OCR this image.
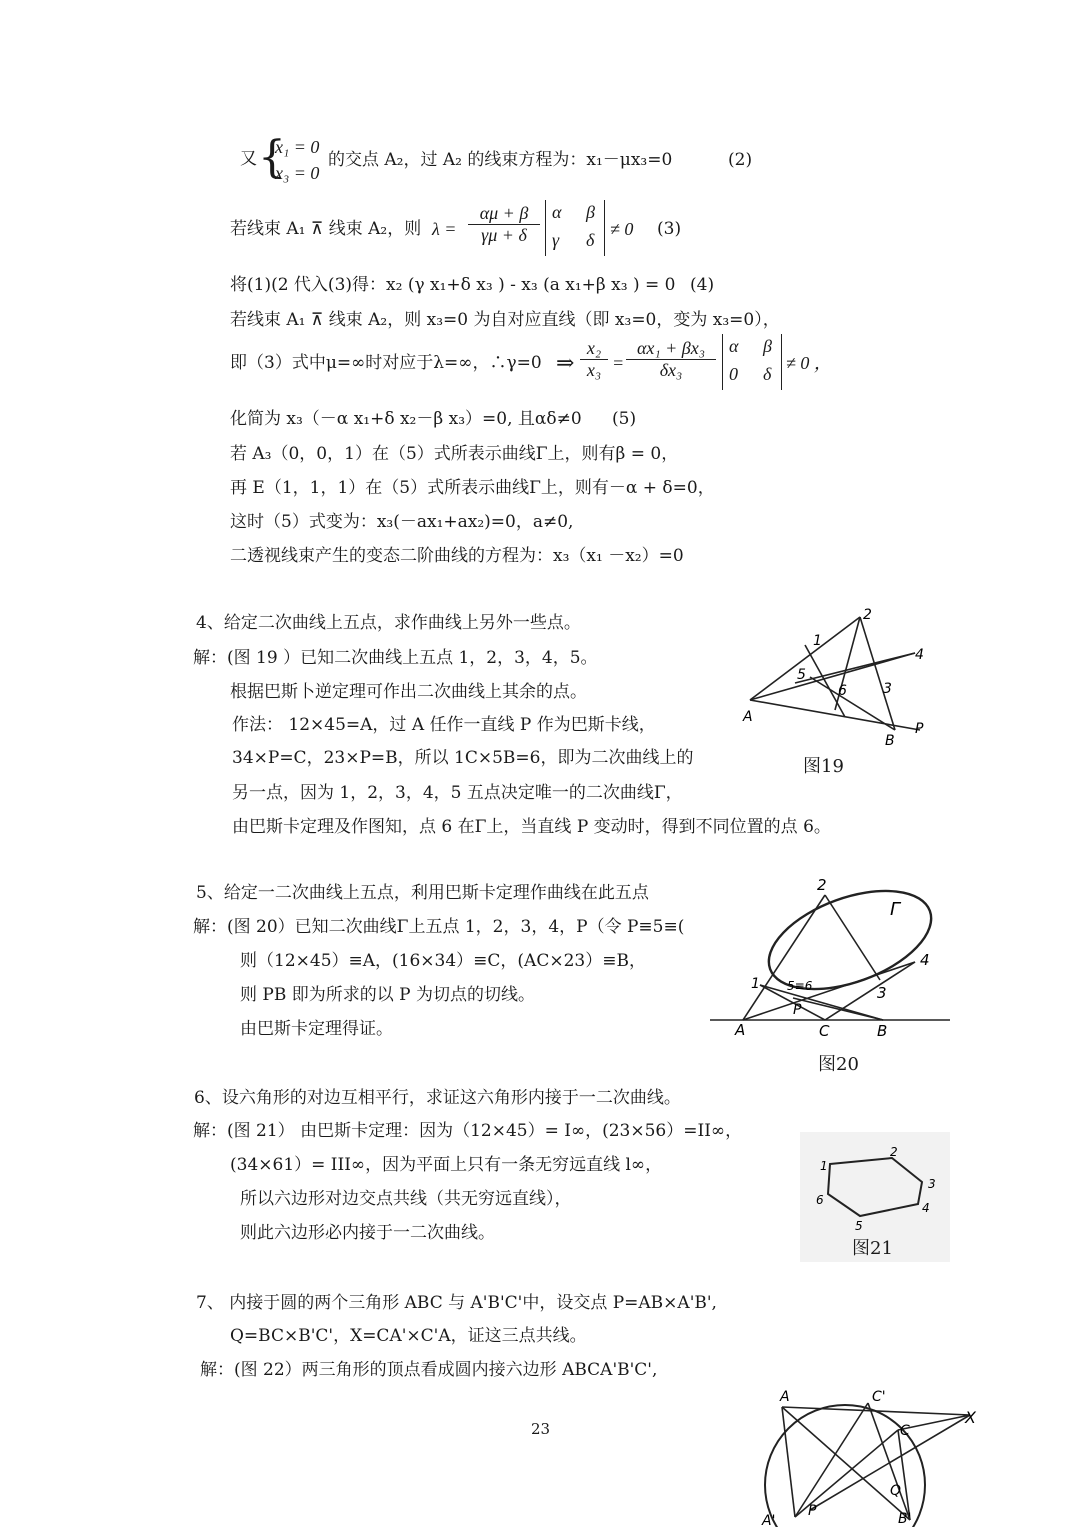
又 {
x₁ = 0
x₃ = 0
的交点 A₂，过 A₂ 的线束方程为：x₁－μx₃=0	(2)
若线束 A₁ ⊼ 线束 A₂，则 $\lambda = \frac{\alpha\mu + \beta}{\gamma\mu + \delta}$ α β
γ δ
≠ 0 (3)
将(1)(2 代入(3)得：x₂ (γ x₁+δ x₃ ) - x₃ (a x₁+β x₃ ) = 0 (4)
若线束 A₁ ⊼ 线束 A₂，则 x₃=0 为自对应直线（即 x₃=0，变为 x₃=0），
即（3）式中μ=∞时对应于λ=∞，∴γ=0 ⇒ $\frac{\text{x₂}}{\text{x₃}} = \frac{\text{αx₁ + βx₃}}{\text{δx₃}}$ α β
0 δ
≠ 0 ，
化简为 x₃（－α x₁+δ x₂－β x₃）=0, 且αδ≠0 (5)
若 A₃（0，0，1）在（5）式所表示曲线Γ上，则有β = 0，
再 E（1，1，1）在（5）式所表示曲线Γ上，则有－α + δ=0，
这时（5）式变为：x₃(－ax₁+ax₂)=0，a≠0,
二透视线束产生的变态二阶曲线的方程为：x₃（x₁ －x₂）=0
4、给定二次曲线上五点，求作曲线上另外一些点。
解：(图 19 ）已知二次曲线上五点 1，2，3，4，5。
根据巴斯卜逆定理可作出二次曲线上其余的点。
作法： 12×45=A，过 A 任作一直线 P 作为巴斯卡线，
34×P=C，23×P=B，所以 1C×5B=6，即为二次曲线上的
另一点，因为 1，2，3，4，5 五点决定唯一的二次曲线Γ，
由巴斯卡定理及作图知，点 6 在Γ上，当直线 P 变动时，得到不同位置的点 6。
A
B
P
1
2
3
4
5
6
图19
5、给定一二次曲线上五点，利用巴斯卡定理作曲线在此五点
解：(图 20）已知二次曲线Γ上五点 1，2，3，4，P（令 P≡5≡(
则（12×45）≡A，(16×34）≡C，(AC×23）≡B，
则 PB 即为所求的以 P 为切点的切线。
由巴斯卡定理得证。
2
Γ
4
1 5≡6	3
P
A	C	B
图20
6、设六角形的对边互相平行，求证这六角形内接于一二次曲线。
解：(图 21） 由巴斯卡定理：因为（12×45）= I∞，(23×56）=II∞，
(34×61）= III∞，因为平面上只有一条无穷远直线 l∞，
所以六边形对边交点共线（共无穷远直线），
则此六边形必内接于一二次曲线。
1
2
3
4
5
6
图21
7、 内接于圆的两个三角形 ABC 与 A'B'C'中，设交点 P=AB×A'B',
Q=BC×B'C'，X=CA'×C'A，证这三点共线。
解：(图 22）两三角形的顶点看成圆内接六边形 ABCA'B'C',
A	C'
C
X
Q
A'
P	B'
23
